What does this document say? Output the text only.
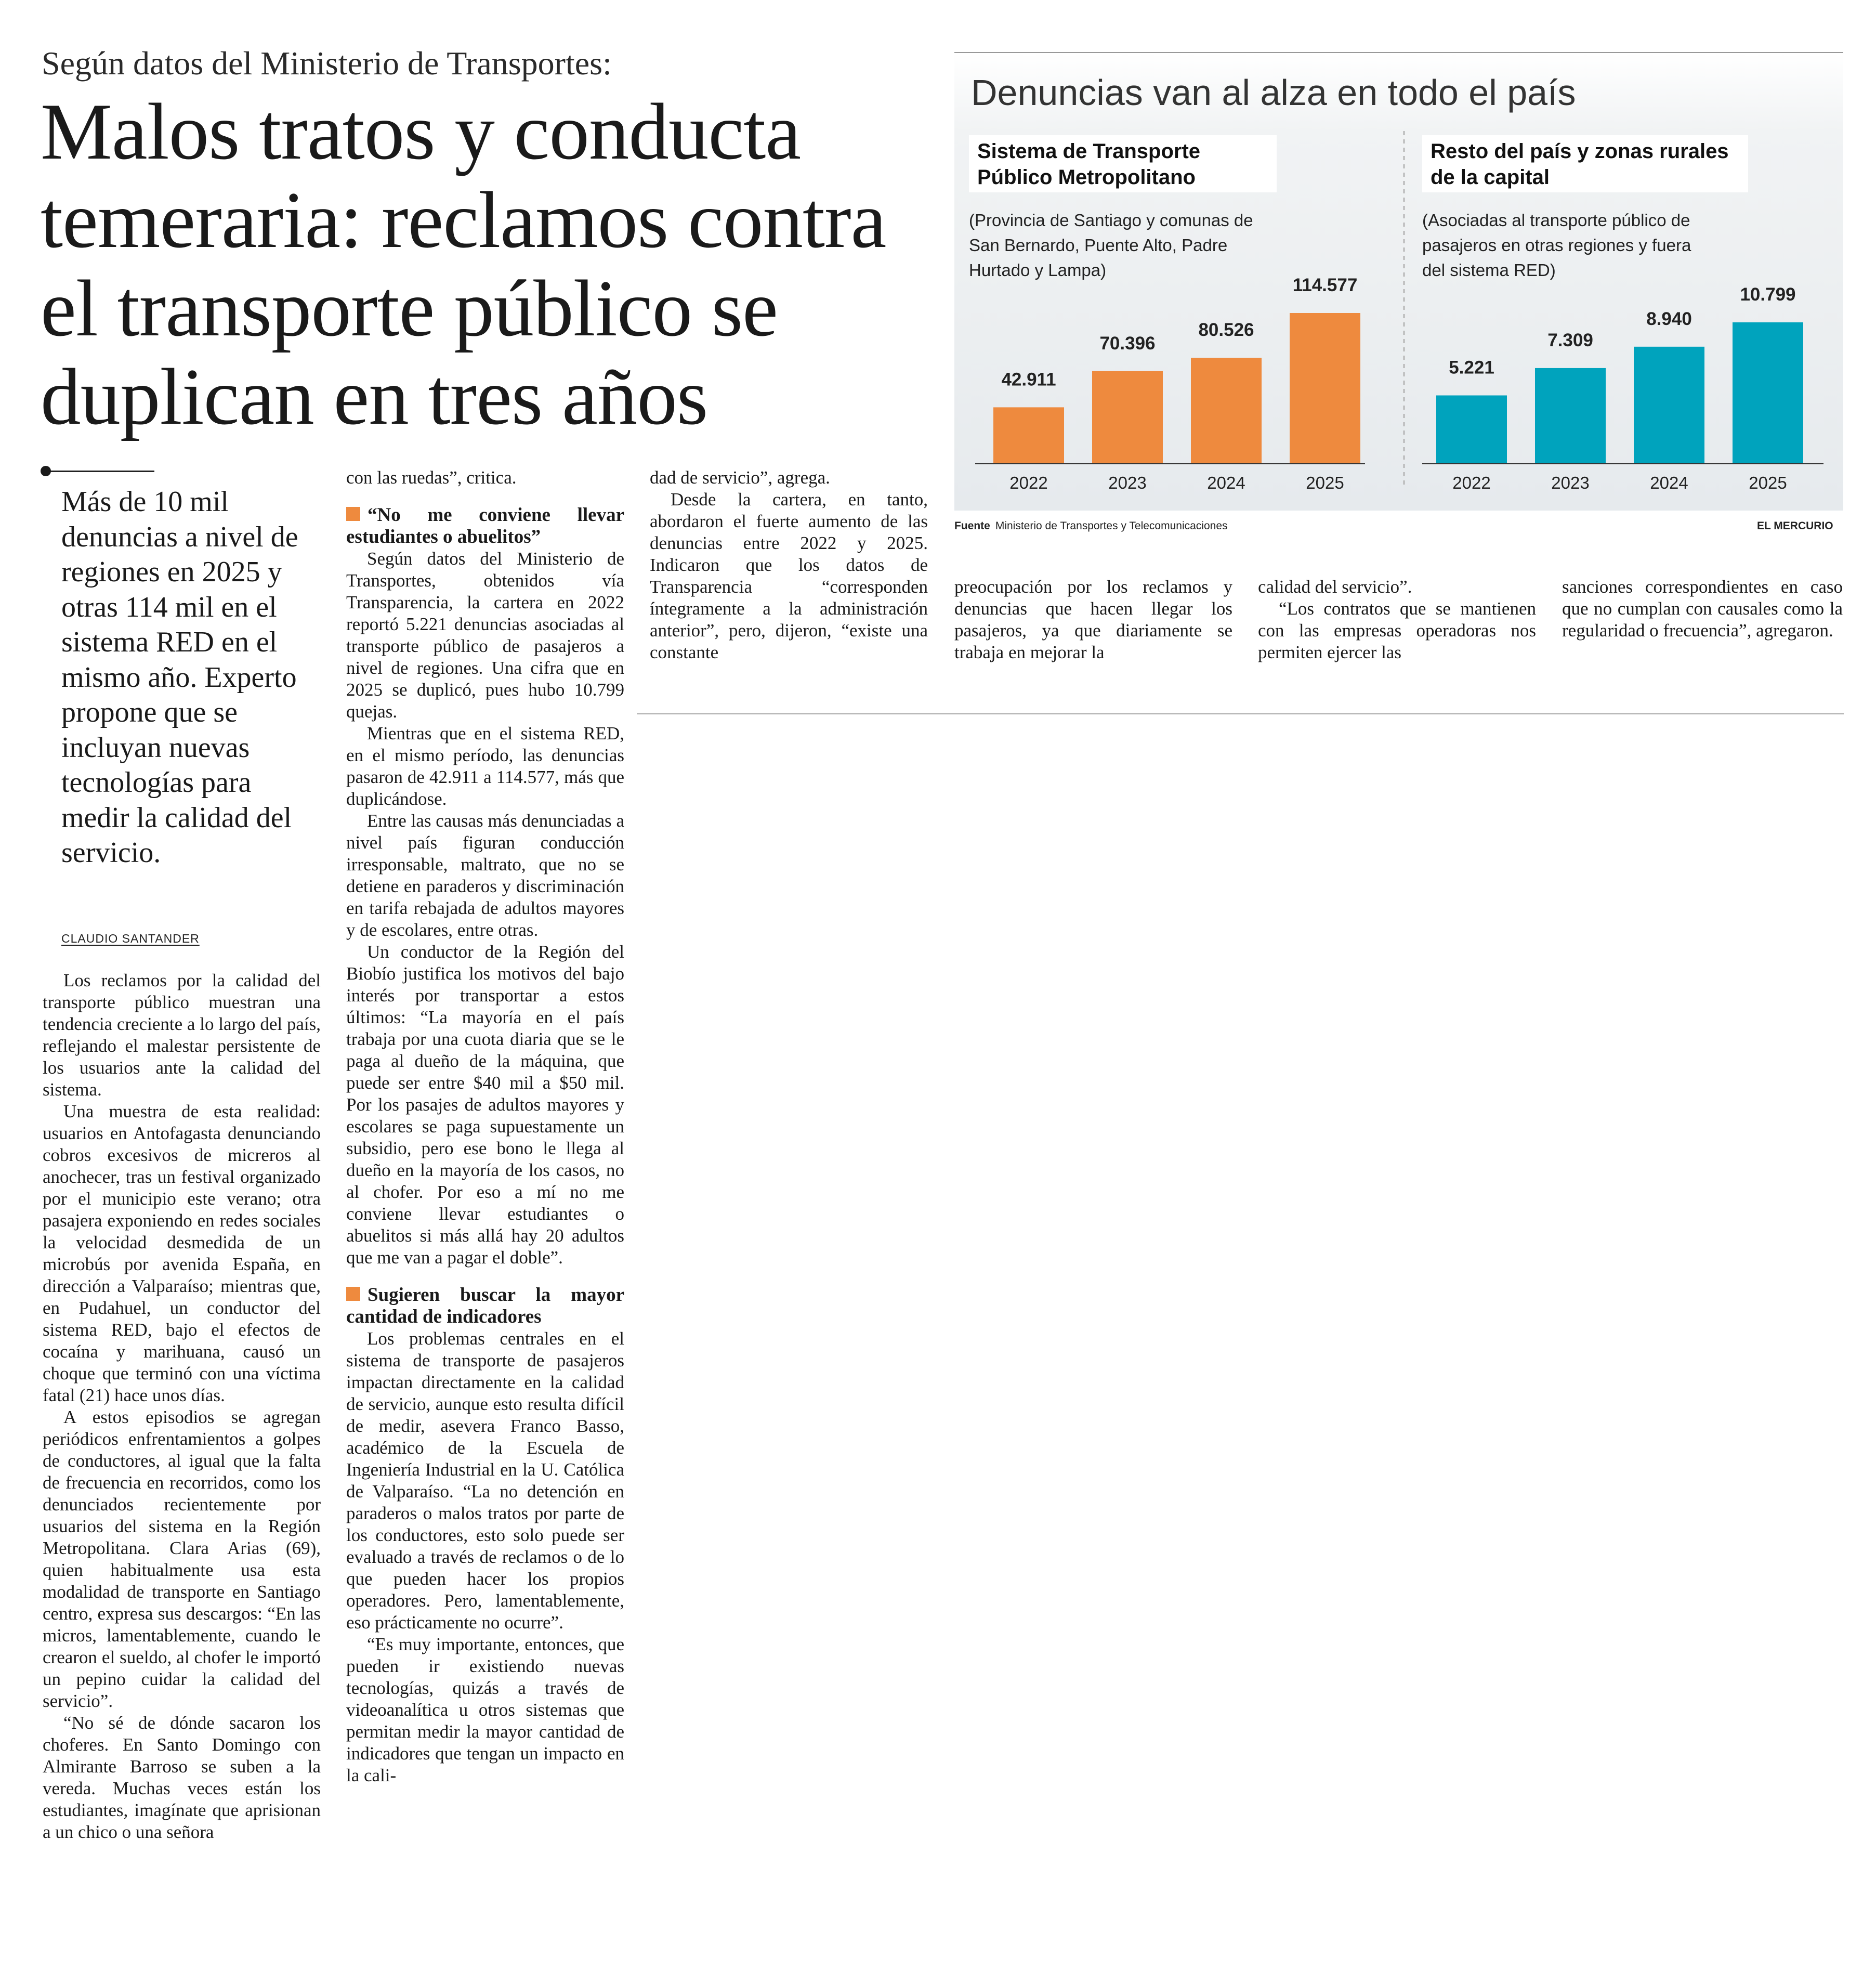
Según datos del Ministerio de Transportes:
Malos tratos y conducta temeraria: reclamos contra el transporte público se duplican en tres años
Más de 10 mil denuncias a nivel de regiones en 2025 y otras 114 mil en el sistema RED en el mismo año. Experto propone que se incluyan nuevas tecnologías para medir la calidad del servicio.
CLAUDIO SANTANDER

Los reclamos por la calidad del transporte público muestran una tendencia creciente a lo largo del país, reflejando el malestar persistente de los usuarios ante la calidad del sistema.

Una muestra de esta realidad: usuarios en Antofagasta denunciando cobros excesivos de micreros al anochecer, tras un festival organizado por el municipio este verano; otra pasajera exponiendo en redes sociales la velocidad desmedida de un microbús por avenida España, en dirección a Valparaíso; mientras que, en Pudahuel, un conductor del sistema RED, bajo el efectos de cocaína y marihuana, causó un choque que terminó con una víctima fatal (21) hace unos días.

A estos episodios se agregan periódicos enfrentamientos a golpes de conductores, al igual que la falta de frecuencia en recorridos, como los denunciados recientemente por usuarios del sistema en la Región Metropolitana. Clara Arias (69), quien habitualmente usa esta modalidad de transporte en Santiago centro, expresa sus descargos: “En las micros, lamentablemente, cuando le crearon el sueldo, al chofer le importó un pepino cuidar la calidad del servicio”.

“No sé de dónde sacaron los choferes. En Santo Domingo con Almirante Barroso se suben a la vereda. Muchas veces están los estudiantes, imagínate que aprisionan a un chico o una señora

con las ruedas”, critica.

“No me conviene llevar estudiantes o abuelitos”

Según datos del Ministerio de Transportes, obtenidos vía Transparencia, la cartera en 2022 reportó 5.221 denuncias asociadas al transporte público de pasajeros a nivel de regiones. Una cifra que en 2025 se duplicó, pues hubo 10.799 quejas.

Mientras que en el sistema RED, en el mismo período, las denuncias pasaron de 42.911 a 114.577, más que duplicándose.

Entre las causas más denunciadas a nivel país figuran conducción irresponsable, maltrato, que no se detiene en paraderos y discriminación en tarifa rebajada de adultos mayores y de escolares, entre otras.

Un conductor de la Región del Biobío justifica los motivos del bajo interés por transportar a estos últimos: “La mayoría en el país trabaja por una cuota diaria que se le paga al dueño de la máquina, que puede ser entre $40 mil a $50 mil. Por los pasajes de adultos mayores y escolares se paga supuestamente un subsidio, pero ese bono le llega al dueño en la mayoría de los casos, no al chofer. Por eso a mí no me conviene llevar estudiantes o abuelitos si más allá hay 20 adultos que me van a pagar el doble”.

Sugieren buscar la mayor cantidad de indicadores

Los problemas centrales en el sistema de transporte de pasajeros impactan directamente en la calidad de servicio, aunque esto resulta difícil de medir, asevera Franco Basso, académico de la Escuela de Ingeniería Industrial en la U. Católica de Valparaíso. “La no detención en paraderos o malos tratos por parte de los conductores, esto solo puede ser evaluado a través de reclamos o de lo que pueden hacer los propios operadores. Pero, lamentablemente, eso prácticamente no ocurre”.

“Es muy importante, entonces, que pueden ir existiendo nuevas tecnologías, quizás a través de videoanalítica u otros sistemas que permitan medir la mayor cantidad de indicadores que tengan un impacto en la cali-

dad de servicio”, agrega.

Desde la cartera, en tanto, abordaron el fuerte aumento de las denuncias entre 2022 y 2025. Indicaron que los datos de Transparencia “corresponden íntegramente a la administración anterior”, pero, dijeron, “existe una constante

preocupación por los reclamos y denuncias que hacen llegar los pasajeros, ya que diariamente se trabaja en mejorar la

calidad del servicio”.

“Los contratos que se mantienen con las empresas operadoras nos permiten ejercer las

sanciones correspondientes en caso que no cumplan con causales como la regularidad o frecuencia”, agregaron.

Denuncias van al alza en todo el país
Sistema de Transporte Público Metropolitano
(Provincia de Santiago y comunas de San Bernardo, Puente Alto, Padre Hurtado y Lampa)
Resto del país y zonas rurales de la capital
(Asociadas al transporte público de pasajeros en otras regiones y fuera del sistema RED)
42.911
2022
70.396
2023
80.526
2024
114.577
2025
5.221
2022
7.309
2023
8.940
2024
10.799
2025
Fuente Ministerio de Transportes y Telecomunicaciones	EL MERCURIO
